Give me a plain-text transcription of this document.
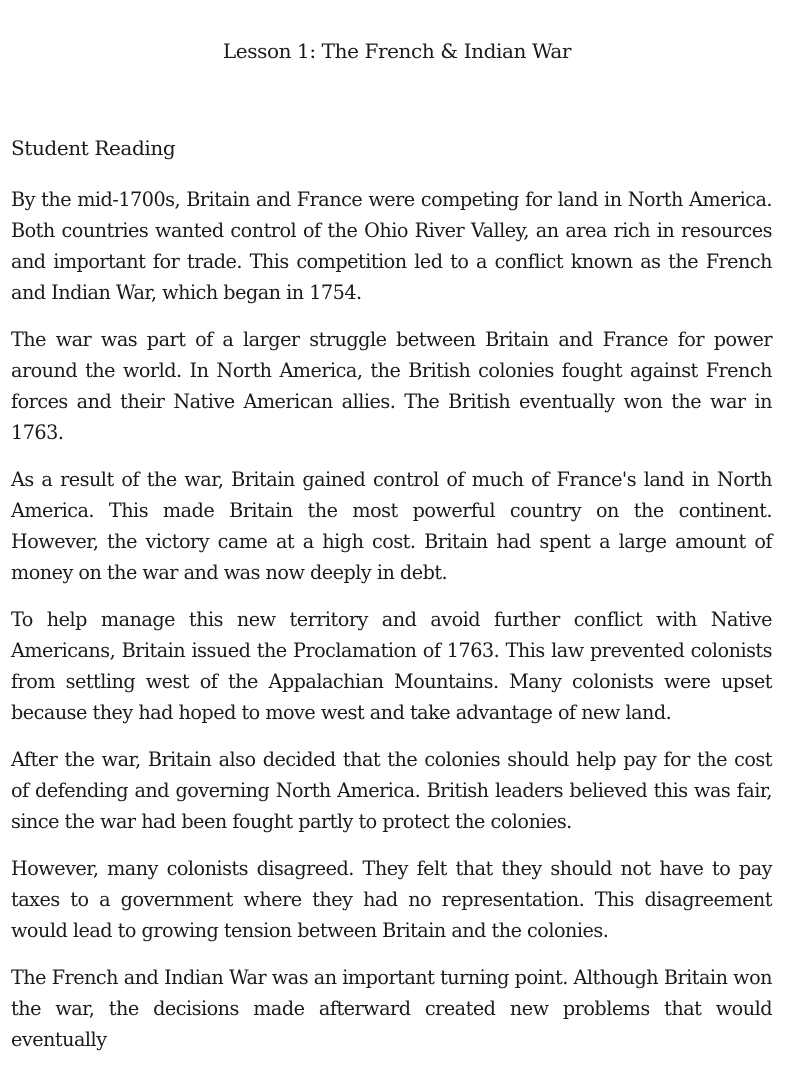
Lesson 1: The French & Indian War
Student Reading

By the mid-1700s, Britain and France were competing for land in North America. Both countries wanted control of the Ohio River Valley, an area rich in resources and important for trade. This competition led to a conflict known as the French and Indian War, which began in 1754.

The war was part of a larger struggle between Britain and France for power around the world. In North America, the British colonies fought against French forces and their Native American allies. The British eventually won the war in 1763.

As a result of the war, Britain gained control of much of France's land in North America. This made Britain the most powerful country on the continent. However, the victory came at a high cost. Britain had spent a large amount of money on the war and was now deeply in debt.

To help manage this new territory and avoid further conflict with Native Americans, Britain issued the Proclamation of 1763. This law prevented colonists from settling west of the Appalachian Mountains. Many colonists were upset because they had hoped to move west and take advantage of new land.

After the war, Britain also decided that the colonies should help pay for the cost of defending and governing North America. British leaders believed this was fair, since the war had been fought partly to protect the colonies.

However, many colonists disagreed. They felt that they should not have to pay taxes to a government where they had no representation. This disagreement would lead to growing tension between Britain and the colonies.

The French and Indian War was an important turning point. Although Britain won the war, the decisions made afterward created new problems that would eventually
